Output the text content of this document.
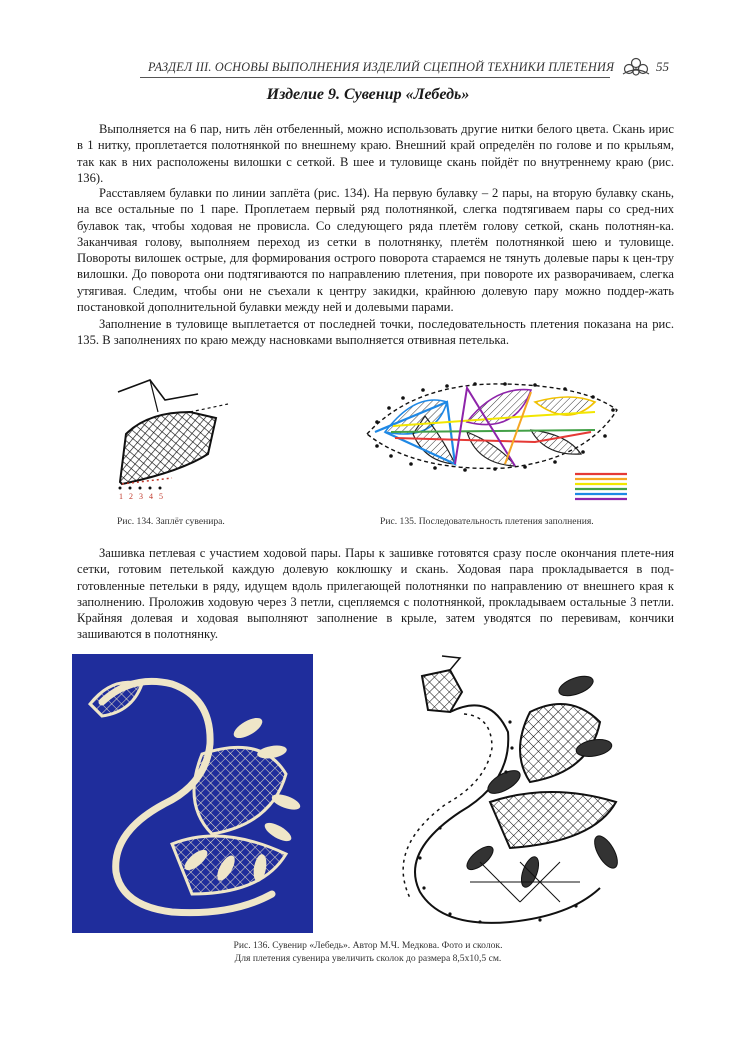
РАЗДЕЛ III. ОСНОВЫ ВЫПОЛНЕНИЯ ИЗДЕЛИЙ СЦЕПНОЙ ТЕХНИКИ ПЛЕТЕНИЯ	55
Изделие 9. Сувенир «Лебедь»

Выполняется на 6 пар, нить лён отбеленный, можно использовать другие нитки белого цвета. Скань ирис в 1 нитку, проплетается полотнянкой по внешнему краю. Внешний край определён по голове и по крыльям, так как в них расположены вилошки с сеткой. В шее и туловище скань пойдёт по внутреннему краю (рис. 136).

Расставляем булавки по линии заплёта (рис. 134). На первую булавку – 2 пары, на вторую булавку скань, на все остальные по 1 паре. Проплетаем первый ряд полотнянкой, слегка подтягиваем пары со сред-них булавок так, чтобы ходовая не провисла. Со следующего ряда плетём голову сеткой, скань полотнян-ка. Заканчивая голову, выполняем переход из сетки в полотнянку, плетём полотнянкой шею и туловище. Повороты вилошек острые, для формирования острого поворота стараемся не тянуть долевые пары к цен-тру вилошки. До поворота они подтягиваются по направлению плетения, при повороте их разворачиваем, слегка утягивая. Следим, чтобы они не съехали к центру закидки, крайнюю долевую пару можно поддер-жать постановкой дополнительной булавки между ней и долевыми парами.

Заполнение в туловище выплетается от последней точки, последовательность плетения показана на рис. 135. В заполнениях по краю между насновками выполняется отвивная петелька.

1 2 3 4 5
Рис. 134. Заплёт сувенира.	Рис. 135. Последовательность плетения заполнения.

Зашивка петлевая с участием ходовой пары. Пары к зашивке готовятся сразу после окончания плете-ния сетки, готовим петелькой каждую долевую коклюшку и скань. Ходовая пара прокладывается в под-готовленные петельки в ряду, идущем вдоль прилегающей полотнянки по направлению от внешнего края к заполнению. Проложив ходовую через 3 петли, сцепляемся с полотнянкой, прокладываем остальные 3 петли. Крайняя долевая и ходовая выполняют заполнение в крыле, затем уводятся по перевивам, кончики зашиваются в полотнянку.

Рис. 136. Сувенир «Лебедь». Автор М.Ч. Медкова. Фото и сколок.
Для плетения сувенира увеличить сколок до размера 8,5х10,5 см.
